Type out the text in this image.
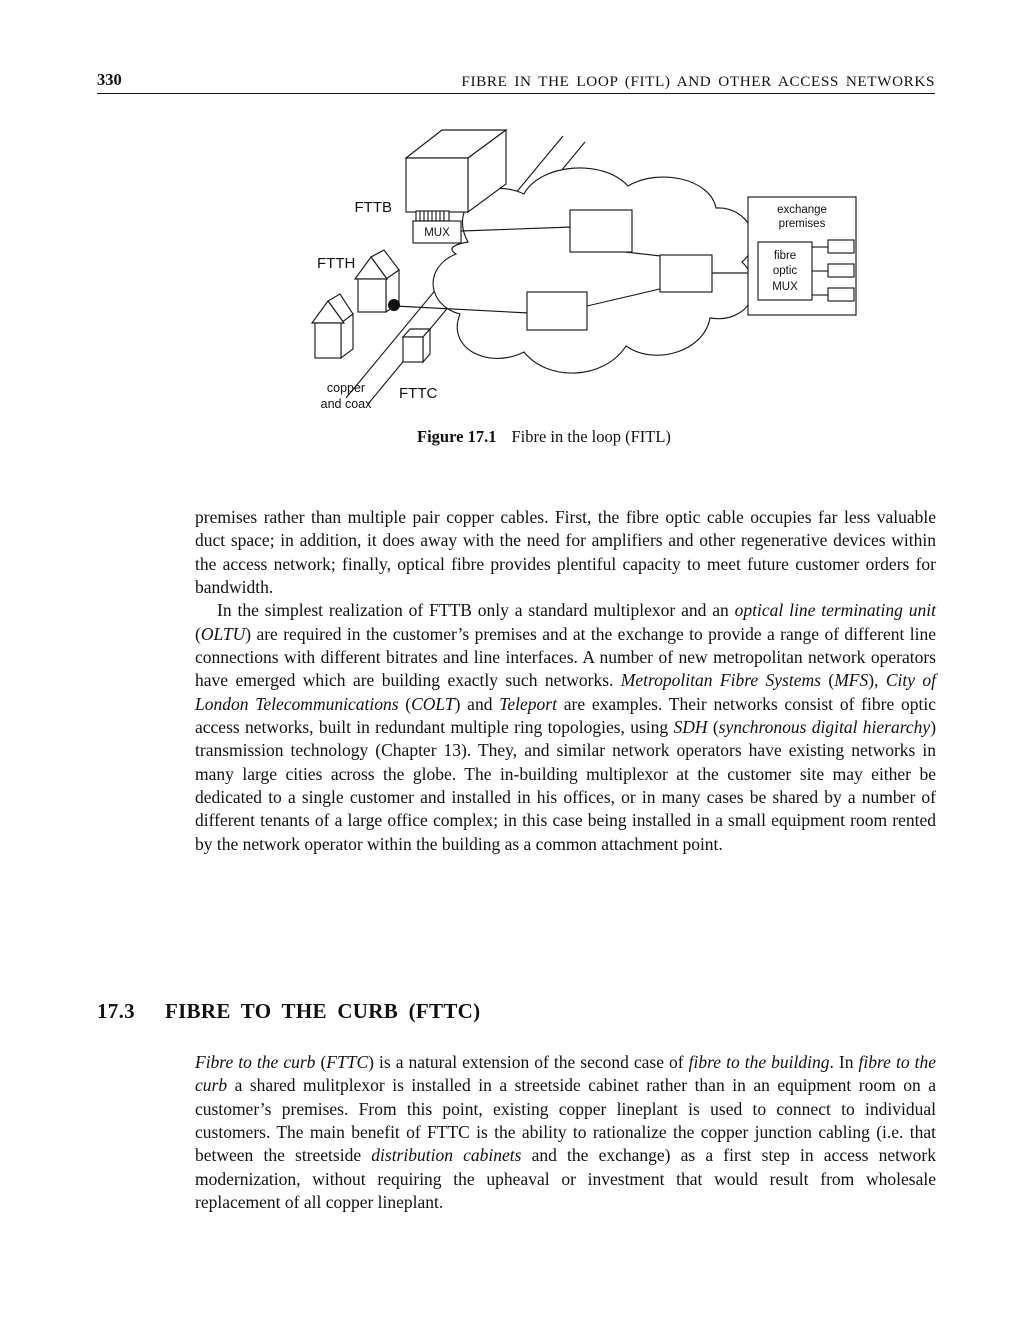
330	FIBRE IN THE LOOP (FITL) AND OTHER ACCESS NETWORKS
MUX
exchange
premises
fibre
optic
MUX
FTTB
FTTH
FTTC
copper
and coax
Figure 17.1 Fibre in the loop (FITL)

premises rather than multiple pair copper cables. First, the fibre optic cable occupies far less valuable duct space; in addition, it does away with the need for amplifiers and other regenerative devices within the access network; finally, optical fibre provides plentiful capacity to meet future customer orders for bandwidth.

In the simplest realization of FTTB only a standard multiplexor and an optical line terminating unit (OLTU) are required in the customer’s premises and at the exchange to provide a range of different line connections with different bitrates and line interfaces. A number of new metropolitan network operators have emerged which are building exactly such networks. Metropolitan Fibre Systems (MFS), City of London Telecommunications (COLT) and Teleport are examples. Their networks consist of fibre optic access networks, built in redundant multiple ring topologies, using SDH (synchronous digital hierarchy) transmission technology (Chapter 13). They, and similar network operators have existing networks in many large cities across the globe. The in-building multiplexor at the customer site may either be dedicated to a single customer and installed in his offices, or in many cases be shared by a number of different tenants of a large office complex; in this case being installed in a small equipment room rented by the network operator within the building as a common attachment point.

17.3 FIBRE TO THE CURB (FTTC)

Fibre to the curb (FTTC) is a natural extension of the second case of fibre to the building. In fibre to the curb a shared mulitplexor is installed in a streetside cabinet rather than in an equipment room on a customer’s premises. From this point, existing copper lineplant is used to connect to individual customers. The main benefit of FTTC is the ability to rationalize the copper junction cabling (i.e. that between the streetside distribution cabinets and the exchange) as a first step in access network modernization, without requiring the upheaval or investment that would result from wholesale replacement of all copper lineplant.
